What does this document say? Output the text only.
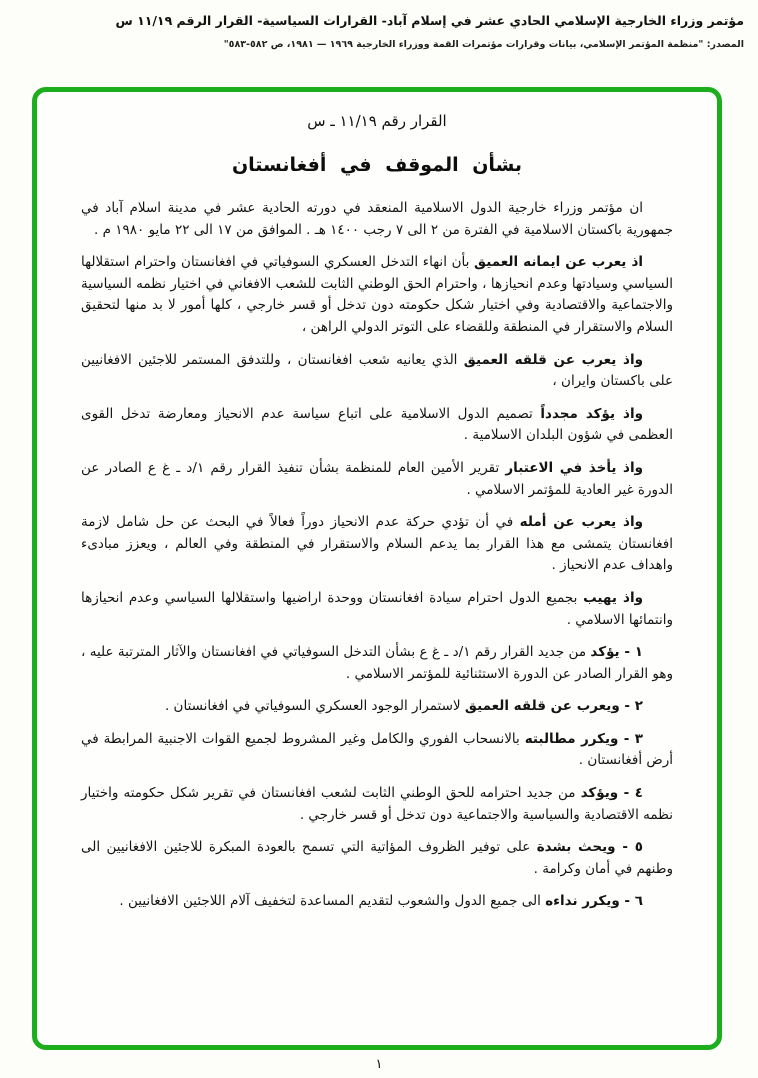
مؤتمر وزراء الخارجية الإسلامي الحادي عشر في إسلام آباد- القرارات السياسية- القرار الرقم ١١/١٩ س
المصدر: "منظمة المؤتمر الإسلامي، بيانات وقرارات مؤتمرات القمة ووزراء الخارجية ١٩٦٩ — ١٩٨١، ص ٥٨٢-٥٨٣"
القرار رقم ١١/١٩ ـ س
بشأن الموقف في أفغانستان

ان مؤتمر وزراء خارجية الدول الاسلامية المنعقد في دورته الحادية عشر في مدينة اسلام آباد في جمهورية باكستان الاسلامية في الفترة من ٢ الى ٧ رجب ١٤٠٠ هـ . الموافق من ١٧ الى ٢٢ مايو ١٩٨٠ م .

اذ يعرب عن ايمانه العميق بأن انهاء التدخل العسكري السوفياتي في افغانستان واحترام استقلالها السياسي وسيادتها وعدم انحيازها ، واحترام الحق الوطني الثابت للشعب الافغاني في اختيار نظمه السياسية والاجتماعية والاقتصادية وفي اختيار شكل حكومته دون تدخل أو قسر خارجي ، كلها أمور لا بد منها لتحقيق السلام والاستقرار في المنطقة وللقضاء على التوتر الدولي الراهن ،

واذ يعرب عن قلقه العميق الذي يعانيه شعب افغانستان ، وللتدفق المستمر للاجئين الافغانيين على باكستان وايران ،

واذ يؤكد مجدداً تصميم الدول الاسلامية على اتباع سياسة عدم الانحياز ومعارضة تدخل القوى العظمى في شؤون البلدان الاسلامية .

واذ يأخذ في الاعتبار تقرير الأمين العام للمنظمة بشأن تنفيذ القرار رقم ١/د ـ غ ع الصادر عن الدورة غير العادية للمؤتمر الاسلامي .

واذ يعرب عن أمله في أن تؤدي حركة عدم الانحياز دوراً فعالاً في البحث عن حل شامل لازمة افغانستان يتمشى مع هذا القرار بما يدعم السلام والاستقرار في المنطقة وفي العالم ، ويعزز مبادىء واهداف عدم الانحياز .

واذ يهيب بجميع الدول احترام سيادة افغانستان ووحدة اراضيها واستقلالها السياسي وعدم انحيازها وانتمائها الاسلامي .

١ - يؤكد من جديد القرار رقم ١/د ـ غ ع بشأن التدخل السوفياتي في افغانستان والآثار المترتبة عليه ، وهو القرار الصادر عن الدورة الاستثنائية للمؤتمر الاسلامي .

٢ - ويعرب عن قلقه العميق لاستمرار الوجود العسكري السوفياتي في افغانستان .

٣ - ويكرر مطالبته بالانسحاب الفوري والكامل وغير المشروط لجميع القوات الاجنبية المرابطة في أرض أفغانستان .

٤ - ويؤكد من جديد احترامه للحق الوطني الثابت لشعب افغانستان في تقرير شكل حكومته واختيار نظمه الاقتصادية والسياسية والاجتماعية دون تدخل أو قسر خارجي .

٥ - ويحث بشدة على توفير الظروف المؤاتية التي تسمح بالعودة المبكرة للاجئين الافغانيين الى وطنهم في أمان وكرامة .

٦ - ويكرر نداءه الى جميع الدول والشعوب لتقديم المساعدة لتخفيف آلام اللاجئين الافغانيين .

١
